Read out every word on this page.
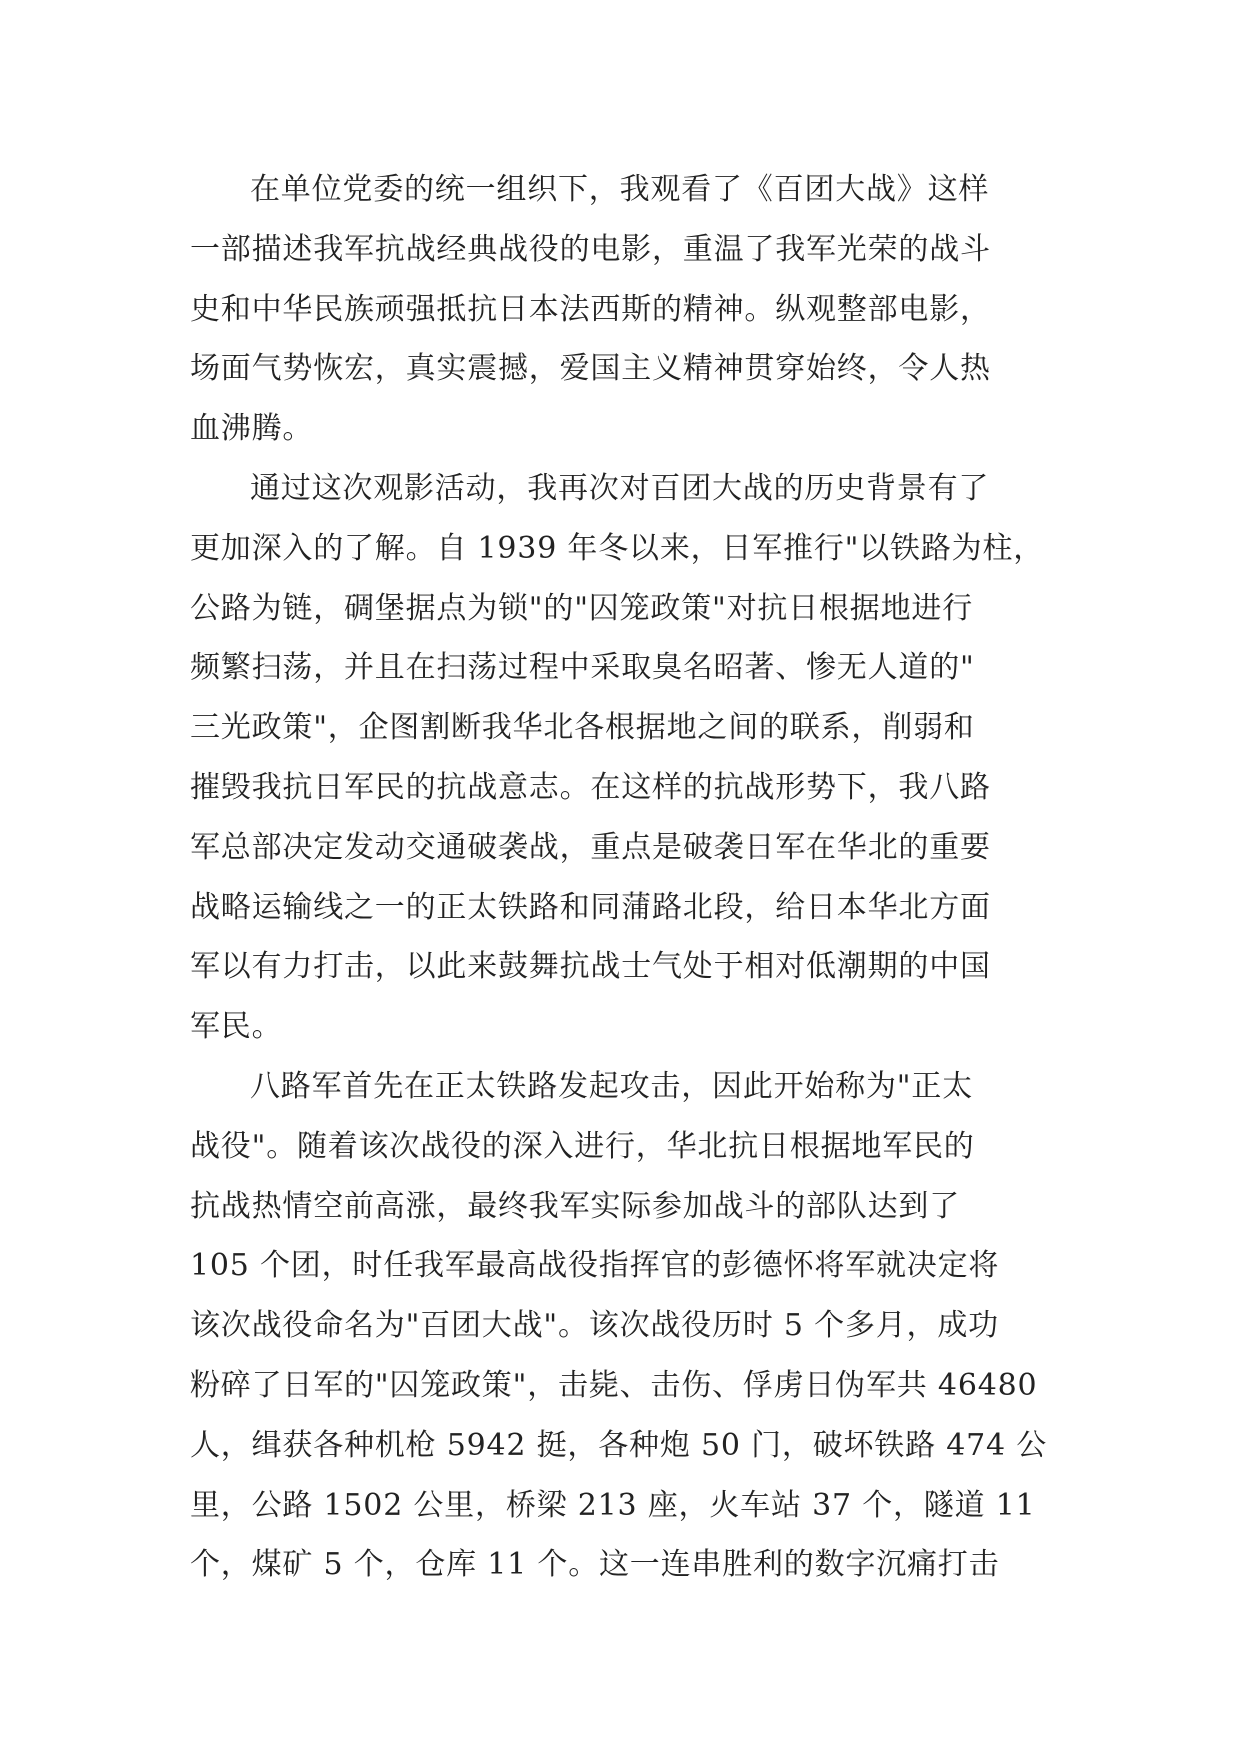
在单位党委的统一组织下，我观看了《百团大战》这样
一部描述我军抗战经典战役的电影，重温了我军光荣的战斗
史和中华民族顽强抵抗日本法西斯的精神。纵观整部电影，
场面气势恢宏，真实震撼，爱国主义精神贯穿始终，令人热
血沸腾。
通过这次观影活动，我再次对百团大战的历史背景有了
更加深入的了解。自 1939 年冬以来，日军推行"以铁路为柱，
公路为链，碉堡据点为锁"的"囚笼政策"对抗日根据地进行
频繁扫荡，并且在扫荡过程中采取臭名昭著、惨无人道的"
三光政策"，企图割断我华北各根据地之间的联系，削弱和
摧毁我抗日军民的抗战意志。在这样的抗战形势下，我八路
军总部决定发动交通破袭战，重点是破袭日军在华北的重要
战略运输线之一的正太铁路和同蒲路北段，给日本华北方面
军以有力打击，以此来鼓舞抗战士气处于相对低潮期的中国
军民。
八路军首先在正太铁路发起攻击，因此开始称为"正太
战役"。随着该次战役的深入进行，华北抗日根据地军民的
抗战热情空前高涨，最终我军实际参加战斗的部队达到了
105 个团，时任我军最高战役指挥官的彭德怀将军就决定将
该次战役命名为"百团大战"。该次战役历时 5 个多月，成功
粉碎了日军的"囚笼政策"，击毙、击伤、俘虏日伪军共 46480
人，缉获各种机枪 5942 挺，各种炮 50 门，破坏铁路 474 公
里，公路 1502 公里，桥梁 213 座，火车站 37 个，隧道 11
个，煤矿 5 个，仓库 11 个。这一连串胜利的数字沉痛打击
